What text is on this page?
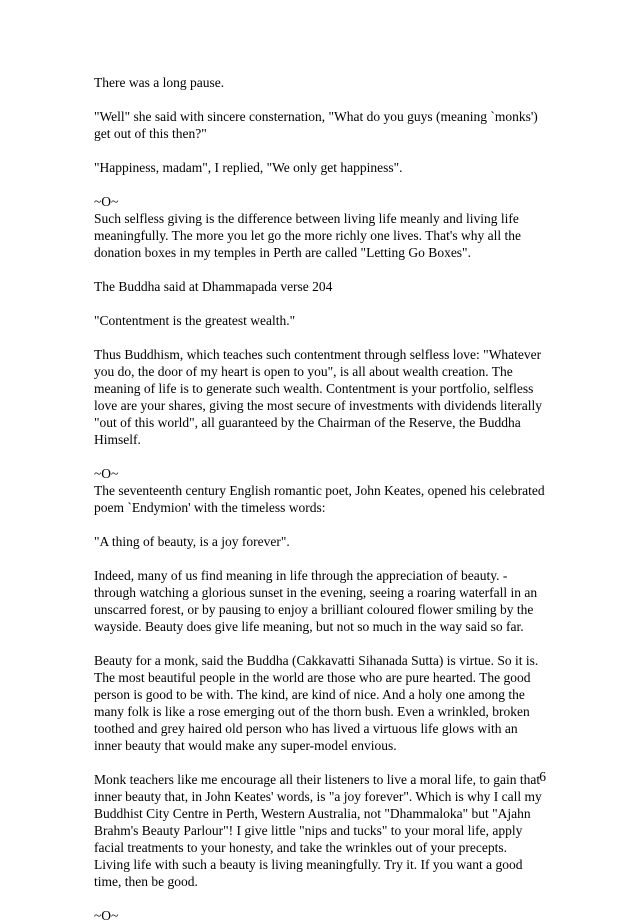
There was a long pause.

"Well" she said with sincere consternation, "What do you guys (meaning `monks') get out of this then?"

"Happiness, madam", I replied, "We only get happiness".

~O~

Such selfless giving is the difference between living life meanly and living life meaningfully. The more you let go the more richly one lives. That's why all the donation boxes in my temples in Perth are called "Letting Go Boxes".

The Buddha said at Dhammapada verse 204

"Contentment is the greatest wealth."

Thus Buddhism, which teaches such contentment through selfless love: "Whatever you do, the door of my heart is open to you", is all about wealth creation. The meaning of life is to generate such wealth. Contentment is your portfolio, selfless love are your shares, giving the most secure of investments with dividends literally "out of this world", all guaranteed by the Chairman of the Reserve, the Buddha Himself.

~O~

The seventeenth century English romantic poet, John Keates, opened his celebrated poem `Endymion' with the timeless words:

"A thing of beauty, is a joy forever".

Indeed, many of us find meaning in life through the appreciation of beauty. - through watching a glorious sunset in the evening, seeing a roaring waterfall in an unscarred forest, or by pausing to enjoy a brilliant coloured flower smiling by the wayside. Beauty does give life meaning, but not so much in the way said so far.

Beauty for a monk, said the Buddha (Cakkavatti Sihanada Sutta) is virtue. So it is. The most beautiful people in the world are those who are pure hearted. The good person is good to be with. The kind, are kind of nice. And a holy one among the many folk is like a rose emerging out of the thorn bush. Even a wrinkled, broken toothed and grey haired old person who has lived a virtuous life glows with an inner beauty that would make any super-model envious.

Monk teachers like me encourage all their listeners to live a moral life, to gain that inner beauty that, in John Keates' words, is "a joy forever". Which is why I call my Buddhist City Centre in Perth, Western Australia, not "Dhammaloka" but "Ajahn Brahm's Beauty Parlour"! I give little "nips and tucks" to your moral life, apply facial treatments to your honesty, and take the wrinkles out of your precepts. Living life with such a beauty is living meaningfully. Try it. If you want a good time, then be good.

~O~

6
